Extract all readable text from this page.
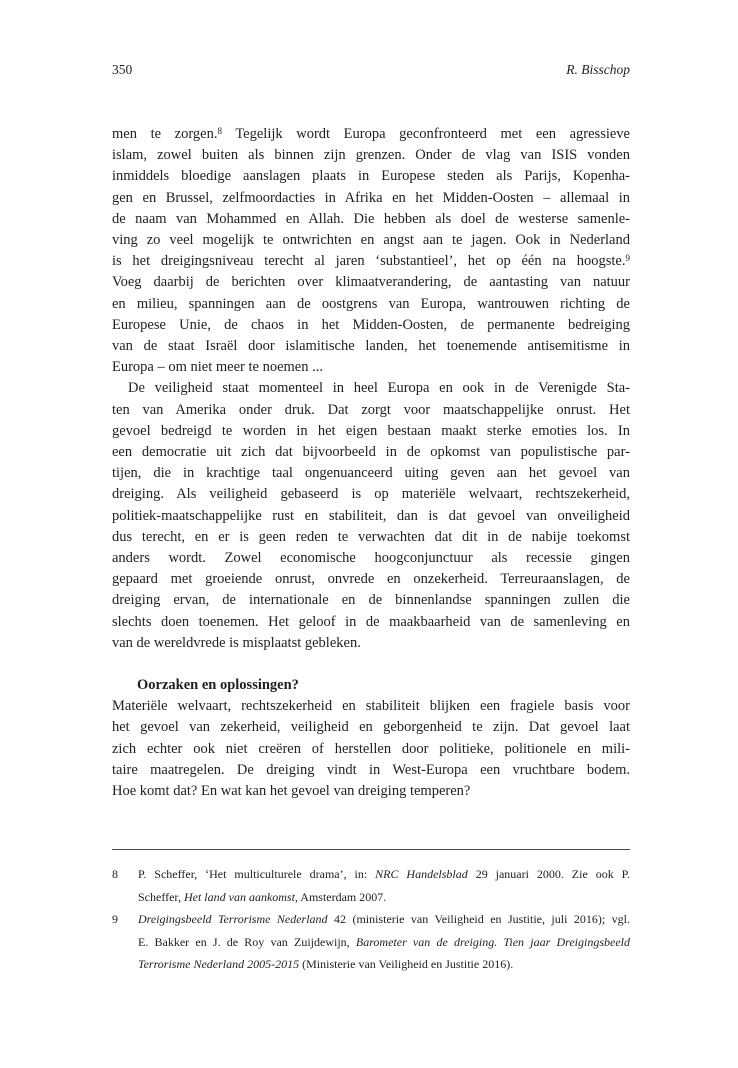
350	R. Bisschop
men te zorgen.$^8$ Tegelijk wordt Europa geconfronteerd met een agressieve
islam, zowel buiten als binnen zijn grenzen. Onder de vlag van ISIS vonden
inmiddels bloedige aanslagen plaats in Europese steden als Parijs, Kopenha-
gen en Brussel, zelfmoordacties in Afrika en het Midden-Oosten – allemaal in
de naam van Mohammed en Allah. Die hebben als doel de westerse samenle-
ving zo veel mogelijk te ontwrichten en angst aan te jagen. Ook in Nederland
is het dreigingsniveau terecht al jaren ‘substantieel’, het op één na hoogste.$^9$
Voeg daarbij de berichten over klimaatverandering, de aantasting van natuur
en milieu, spanningen aan de oostgrens van Europa, wantrouwen richting de
Europese Unie, de chaos in het Midden-Oosten, de permanente bedreiging
van de staat Israël door islamitische landen, het toenemende antisemitisme in
Europa – om niet meer te noemen ...
De veiligheid staat momenteel in heel Europa en ook in de Verenigde Sta-
ten van Amerika onder druk. Dat zorgt voor maatschappelijke onrust. Het
gevoel bedreigd te worden in het eigen bestaan maakt sterke emoties los. In
een democratie uit zich dat bijvoorbeeld in de opkomst van populistische par-
tijen, die in krachtige taal ongenuanceerd uiting geven aan het gevoel van
dreiging. Als veiligheid gebaseerd is op materiële welvaart, rechtszekerheid,
politiek-maatschappelijke rust en stabiliteit, dan is dat gevoel van onveiligheid
dus terecht, en er is geen reden te verwachten dat dit in de nabije toekomst
anders wordt. Zowel economische hoogconjunctuur als recessie gingen
gepaard met groeiende onrust, onvrede en onzekerheid. Terreuraanslagen, de
dreiging ervan, de internationale en de binnenlandse spanningen zullen die
slechts doen toenemen. Het geloof in de maakbaarheid van de samenleving en
van de wereldvrede is misplaatst gebleken.
Oorzaken en oplossingen?
Materiële welvaart, rechtszekerheid en stabiliteit blijken een fragiele basis voor
het gevoel van zekerheid, veiligheid en geborgenheid te zijn. Dat gevoel laat
zich echter ook niet creëren of herstellen door politieke, politionele en mili-
taire maatregelen. De dreiging vindt in West-Europa een vruchtbare bodem.
Hoe komt dat? En wat kan het gevoel van dreiging temperen?
8	P. Scheffer, ‘Het multiculturele drama’, in: NRC Handelsblad 29 januari 2000. Zie ook P.
Scheffer, Het land van aankomst, Amsterdam 2007.
9	Dreigingsbeeld Terrorisme Nederland 42 (ministerie van Veiligheid en Justitie, juli 2016); vgl.
E. Bakker en J. de Roy van Zuijdewijn, Barometer van de dreiging. Tien jaar Dreigingsbeeld
Terrorisme Nederland 2005-2015 (Ministerie van Veiligheid en Justitie 2016).
